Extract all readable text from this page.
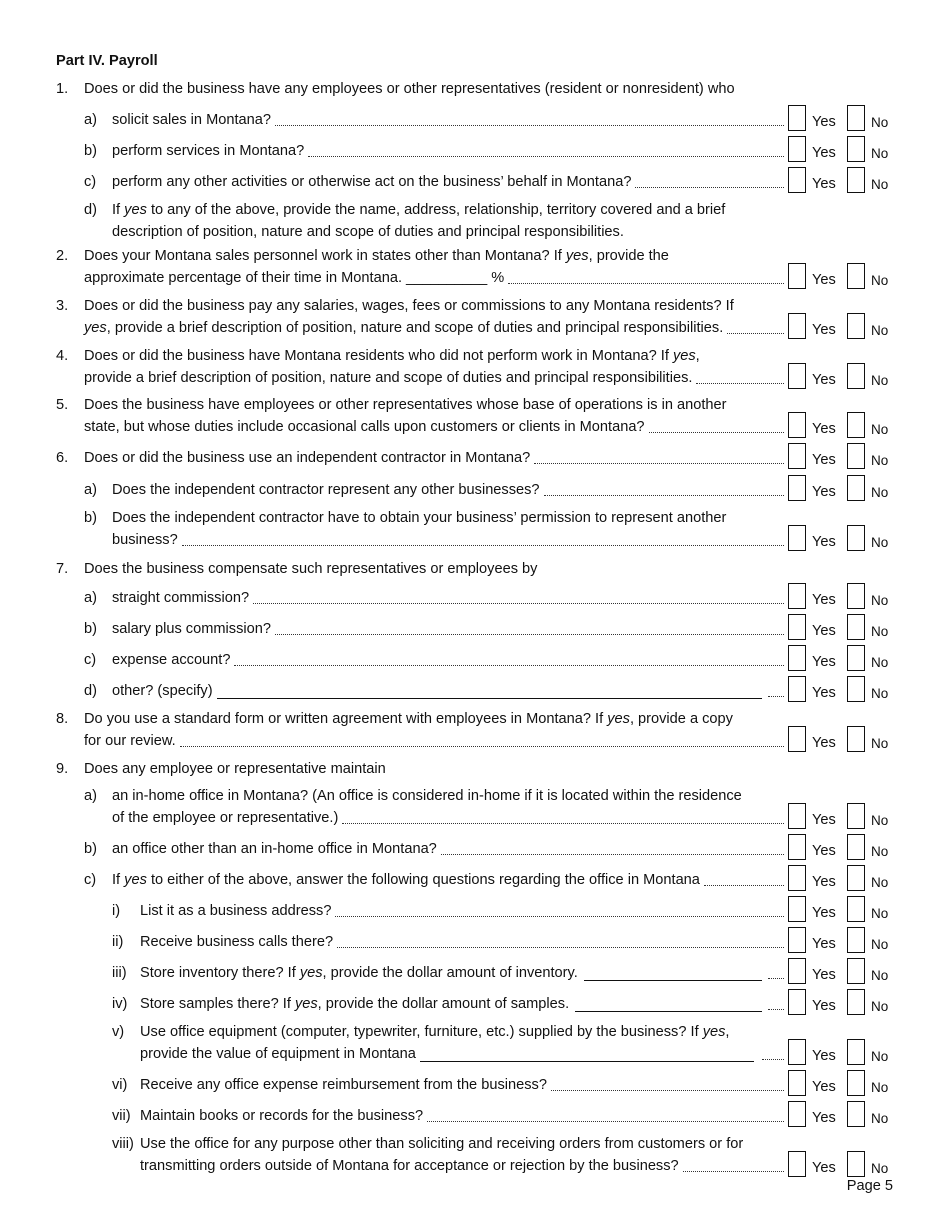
Part IV. Payroll
1. Does or did the business have any employees or other representatives (resident or nonresident) who
a) solicit sales in Montana?	Yes	No
b) perform services in Montana?	Yes	No
c) perform any other activities or otherwise act on the business’ behalf in Montana?	Yes	No
d) If yes to any of the above, provide the name, address, relationship, territory covered and a brief
description of position, nature and scope of duties and principal responsibilities.
2. Does your Montana sales personnel work in states other than Montana? If yes, provide the
approximate percentage of their time in Montana. __________ %	Yes	No
3. Does or did the business pay any salaries, wages, fees or commissions to any Montana residents? If
yes, provide a brief description of position, nature and scope of duties and principal responsibilities.	Yes	No
4. Does or did the business have Montana residents who did not perform work in Montana? If yes,
provide a brief description of position, nature and scope of duties and principal responsibilities.	Yes	No
5. Does the business have employees or other representatives whose base of operations is in another
state, but whose duties include occasional calls upon customers or clients in Montana?	Yes	No
6. Does or did the business use an independent contractor in Montana?	Yes	No
a) Does the independent contractor represent any other businesses?	Yes	No
b) Does the independent contractor have to obtain your business’ permission to represent another
business?	Yes	No
7. Does the business compensate such representatives or employees by
a) straight commission?	Yes	No
b) salary plus commission?	Yes	No
c) expense account?	Yes	No
d) other? (specify)	Yes	No
8. Do you use a standard form or written agreement with employees in Montana? If yes, provide a copy
for our review.	Yes	No
9. Does any employee or representative maintain
a) an in-home office in Montana? (An office is considered in-home if it is located within the residence
of the employee or representative.)	Yes	No
b) an office other than an in-home office in Montana?	Yes	No
c) If yes to either of the above, answer the following questions regarding the office in Montana	Yes	No
i) List it as a business address?	Yes	No
ii) Receive business calls there?	Yes	No
iii) Store inventory there? If yes, provide the dollar amount of inventory.	Yes	No
iv) Store samples there? If yes, provide the dollar amount of samples.	Yes	No
v) Use office equipment (computer, typewriter, furniture, etc.) supplied by the business? If yes,
provide the value of equipment in Montana	Yes	No
vi) Receive any office expense reimbursement from the business?	Yes	No
vii) Maintain books or records for the business?	Yes	No
viii) Use the office for any purpose other than soliciting and receiving orders from customers or for
transmitting orders outside of Montana for acceptance or rejection by the business?	Yes	No
Page 5
